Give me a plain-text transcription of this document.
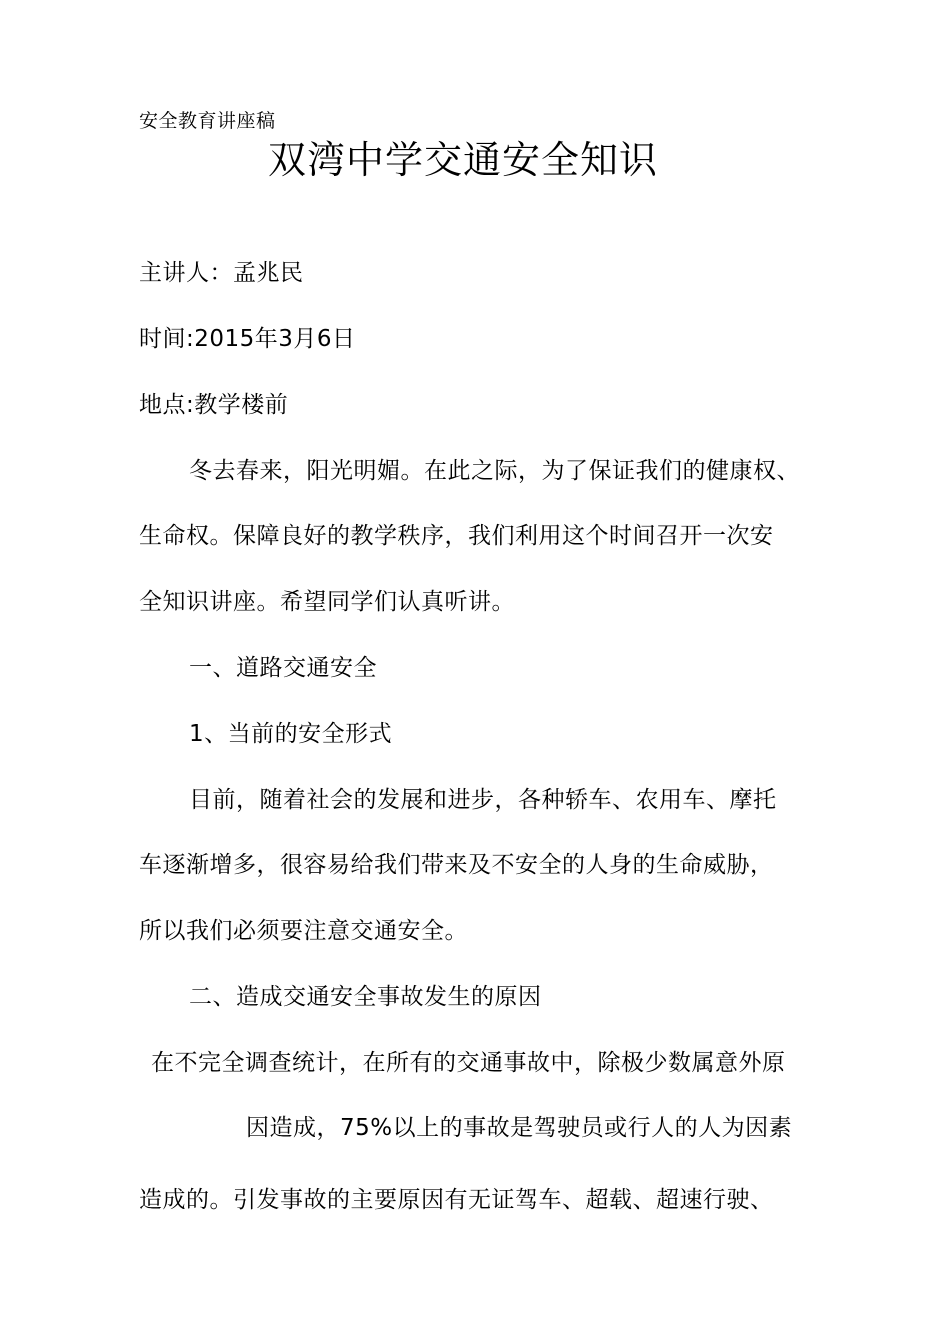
安全教育讲座稿
双湾中学交通安全知识
主讲人：孟兆民
时间:2015年3月6日
地点:教学楼前
冬去春来，阳光明媚。在此之际，为了保证我们的健康权、
生命权。保障良好的教学秩序，我们利用这个时间召开一次安
全知识讲座。希望同学们认真听讲。
一、道路交通安全
1、当前的安全形式
目前，随着社会的发展和进步，各种轿车、农用车、摩托
车逐渐增多，很容易给我们带来及不安全的人身的生命威胁，
所以我们必须要注意交通安全。
二、造成交通安全事故发生的原因
在不完全调查统计，在所有的交通事故中，除极少数属意外原
因造成，75%以上的事故是驾驶员或行人的人为因素
造成的。引发事故的主要原因有无证驾车、超载、超速行驶、
